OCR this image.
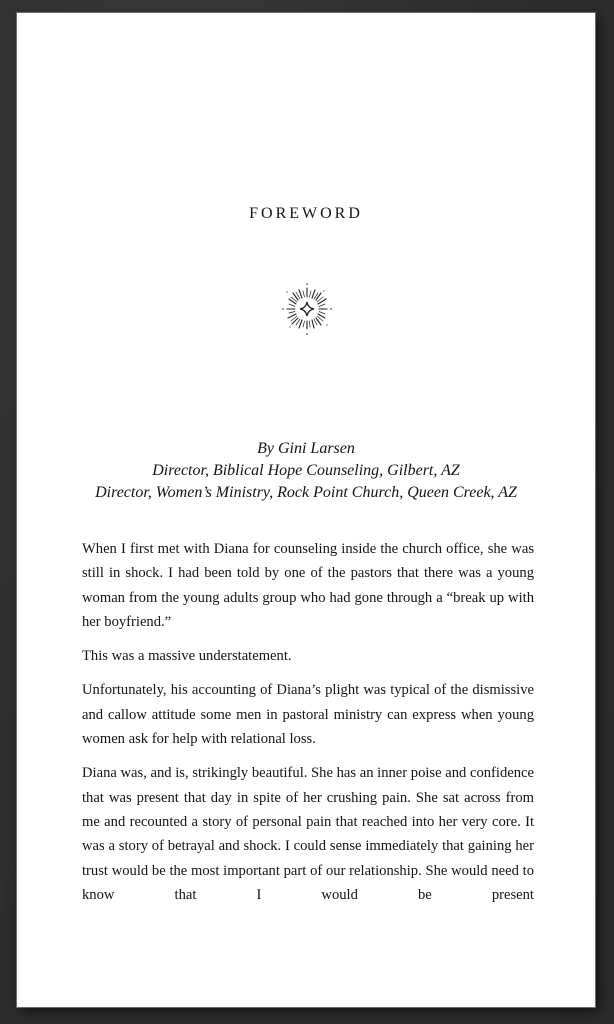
FOREWORD
By Gini Larsen
Director, Biblical Hope Counseling, Gilbert, AZ
Director, Women’s Ministry, Rock Point Church, Queen Creek, AZ

When I first met with Diana for counseling inside the church office, she was still in shock. I had been told by one of the pastors that there was a young woman from the young adults group who had gone through a “break up with her boyfriend.”

This was a massive understatement.

Unfortunately, his accounting of Diana’s plight was typical of the dismissive and callow attitude some men in pastoral ministry can express when young women ask for help with relational loss.

Diana was, and is, strikingly beautiful. She has an inner poise and confidence that was present that day in spite of her crushing pain. She sat across from me and recounted a story of personal pain that reached into her very core. It was a story of betrayal and shock. I could sense immediately that gaining her trust would be the most important part of our relationship. She would need to know that I would be present
